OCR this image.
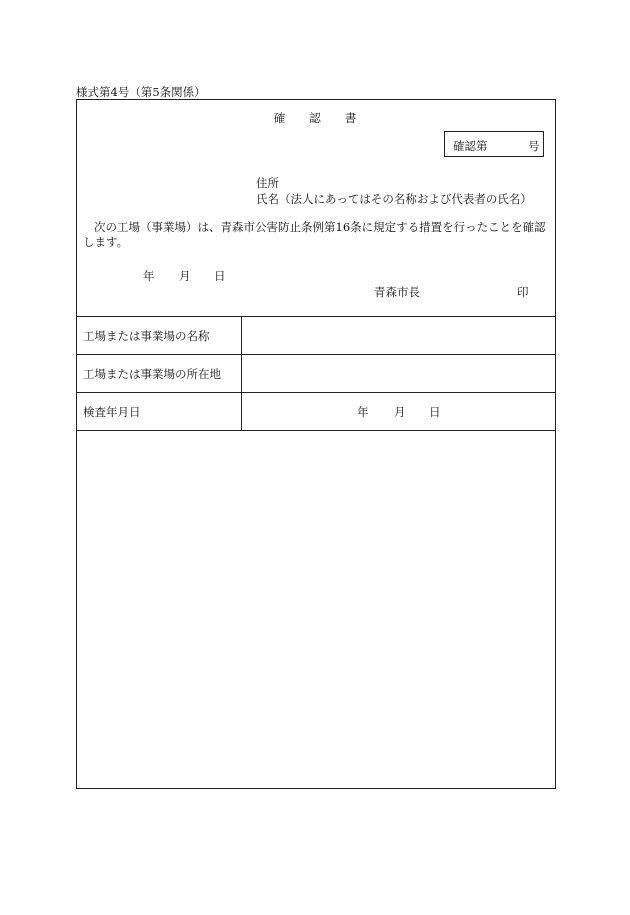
様式第4号（第5条関係）
確 認 書
確認第	号
住所
氏名（法人にあってはその名称および代表者の氏名）
次の工場（事業場）は、青森市公害防止条例第16条に規定する措置を行ったことを確認します。
年 月 日
青森市長	印
工場または事業場の名称	
工場または事業場の所在地	
検査年月日	年 月 日
